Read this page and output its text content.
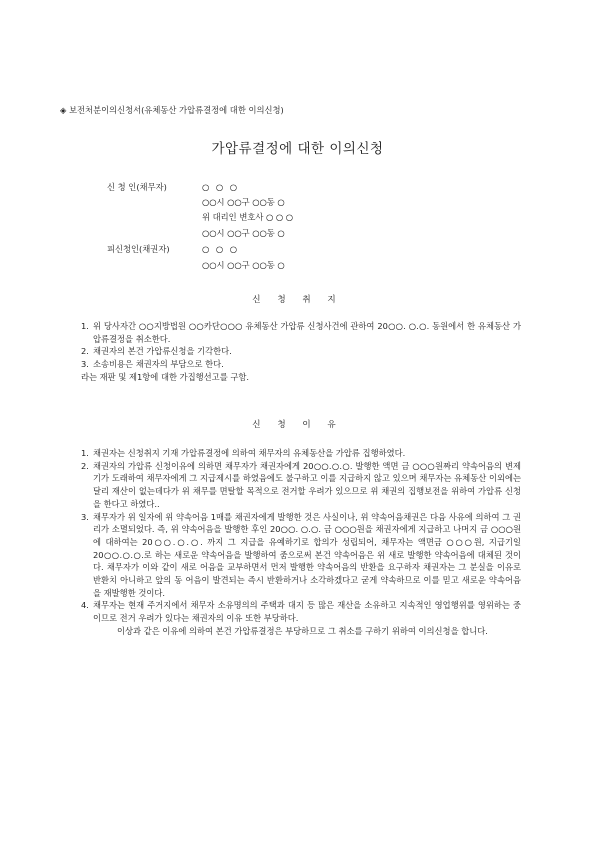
◈ 보전처분이의신청서(유체동산 가압류결정에 대한 이의신청)
가압류결정에 대한 이의신청
신 청 인(채무자)	○ ○ ○
○○시 ○○구 ○○동 ○
위 대리인 변호사 ○ ○ ○
○○시 ○○구 ○○동 ○
피신청인(채권자)	○ ○ ○
○○시 ○○구 ○○동 ○
신 청 취 지
1. 위 당사자간 ○○지방법원 ○○카단○○○ 유체동산 가압류 신청사건에 관하여 20○○. ○.○. 동원에서 한 유체동산 가압류결정을 취소한다.
2. 채권자의 본건 가압류신청을 기각한다.
3. 소송비용은 채권자의 부담으로 한다.
라는 재판 및 제1항에 대한 가집행선고를 구함.
신 청 이 유
1. 채권자는 신청취지 기재 가압류결정에 의하여 채무자의 유체동산을 가압류 집행하였다.
2. 채권자의 가압류 신청이유에 의하면 채무자가 채권자에게 20○○.○.○. 발행한 액면 금 ○○○원짜리 약속어음의 변제기가 도래하여 채무자에게 그 지급제시를 하였음에도 불구하고 이를 지급하지 않고 있으며 채무자는 유체동산 이외에는 달리 재산이 없는데다가 위 채무를 면탈할 목적으로 전거할 우려가 있으므로 위 채권의 집행보전을 위하여 가압류 신청을 한다고 하였다..
3. 채무자가 위 일자에 위 약속어음 1매를 채권자에게 발행한 것은 사실이나, 위 약속어음채권은 다음 사유에 의하여 그 권리가 소멸되었다. 즉, 위 약속어음을 발행한 후인 20○○. ○.○. 금 ○○○원을 채권자에게 지급하고 나머지 금 ○○○원에 대하여는 20○○.○.○. 까지 그 지급을 유예하기로 합의가 성립되어, 채무자는 액면금 ○○○원, 지급기일 20○○.○.○.로 하는 새로운 약속어음을 발행하여 줌으로써 본건 약속어음은 위 새로 발행한 약속어음에 대체된 것이다. 채무자가 이와 같이 새로 어음을 교부하면서 먼저 발행한 약속어음의 반환을 요구하자 채권자는 그 분실을 이유로 반환치 아니하고 앞의 동 어음이 발견되는 즉시 반환하거나 소각하겠다고 굳게 약속하므로 이를 믿고 새로운 약속어음을 재발행한 것이다.
4. 채무자는 현재 주거지에서 채무자 소유명의의 주택과 대지 등 많은 재산을 소유하고 지속적인 영업행위를 영위하는 중이므로 전거 우려가 있다는 채권자의 이유 또한 부당하다.
이상과 같은 이유에 의하여 본건 가압류결정은 부당하므로 그 취소를 구하기 위하여 이의신청을 합니다.
